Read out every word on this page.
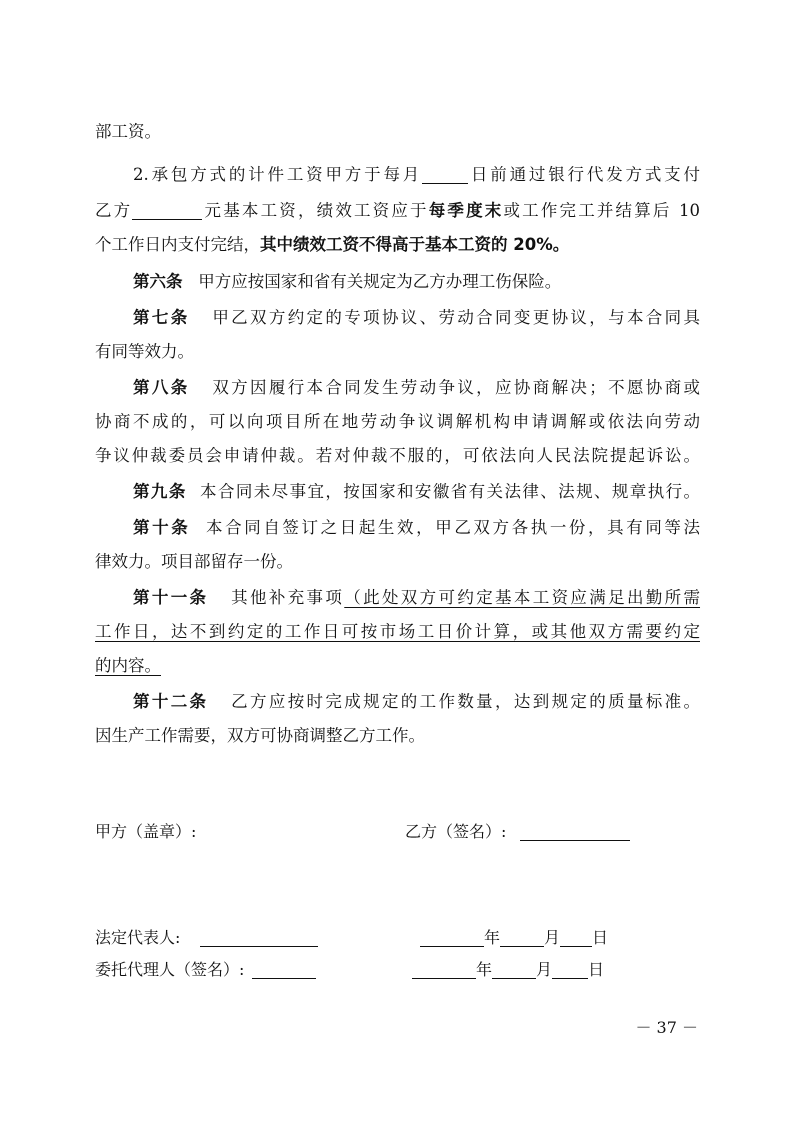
部工资。
2.承包方式的计件工资甲方于每月	日前通过银行代发方式支付
乙方	元基本工资，绩效工资应于每季度末或工作完工并结算后 10
个工作日内支付完结，其中绩效工资不得高于基本工资的 20%。
第六条 甲方应按国家和省有关规定为乙方办理工伤保险。
第七条 甲乙双方约定的专项协议、劳动合同变更协议，与本合同具
有同等效力。
第八条 双方因履行本合同发生劳动争议，应协商解决；不愿协商或
协商不成的，可以向项目所在地劳动争议调解机构申请调解或依法向劳动
争议仲裁委员会申请仲裁。若对仲裁不服的，可依法向人民法院提起诉讼。
第九条 本合同未尽事宜，按国家和安徽省有关法律、法规、规章执行。
第十条 本合同自签订之日起生效，甲乙双方各执一份，具有同等法
律效力。项目部留存一份。
第十一条 其他补充事项（此处双方可约定基本工资应满足出勤所需
工作日，达不到约定的工作日可按市场工日价计算，或其他双方需要约定
的内容。
第十二条 乙方应按时完成规定的工作数量，达到规定的质量标准。
因生产工作需要，双方可协商调整乙方工作。
甲方（盖章）:	乙方（签名）:
法定代表人:	年	月 日
委托代理人（签名）:	年	月 日
－ 37 －
